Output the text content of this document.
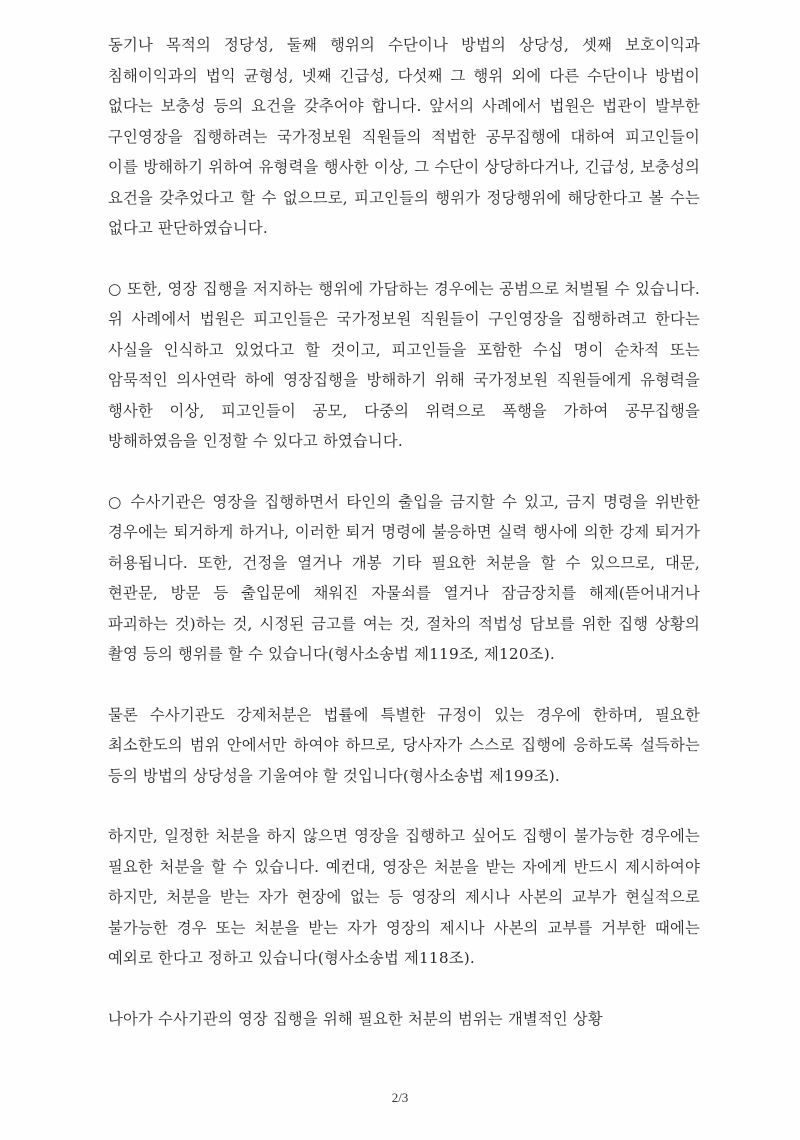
동기나 목적의 정당성, 둘째 행위의 수단이나 방법의 상당성, 셋째 보호이익과 침해이익과의 법익 균형성, 넷째 긴급성, 다섯째 그 행위 외에 다른 수단이나 방법이 없다는 보충성 등의 요건을 갖추어야 합니다. 앞서의 사례에서 법원은 법관이 발부한 구인영장을 집행하려는 국가정보원 직원들의 적법한 공무집행에 대하여 피고인들이 이를 방해하기 위하여 유형력을 행사한 이상, 그 수단이 상당하다거나, 긴급성, 보충성의 요건을 갖추었다고 할 수 없으므로, 피고인들의 행위가 정당행위에 해당한다고 볼 수는 없다고 판단하였습니다.

○ 또한, 영장 집행을 저지하는 행위에 가담하는 경우에는 공범으로 처벌될 수 있습니다. 위 사례에서 법원은 피고인들은 국가정보원 직원들이 구인영장을 집행하려고 한다는 사실을 인식하고 있었다고 할 것이고, 피고인들을 포함한 수십 명이 순차적 또는 암묵적인 의사연락 하에 영장집행을 방해하기 위해 국가정보원 직원들에게 유형력을 행사한 이상, 피고인들이 공모, 다중의 위력으로 폭행을 가하여 공무집행을 방해하였음을 인정할 수 있다고 하였습니다.

○ 수사기관은 영장을 집행하면서 타인의 출입을 금지할 수 있고, 금지 명령을 위반한 경우에는 퇴거하게 하거나, 이러한 퇴거 명령에 불응하면 실력 행사에 의한 강제 퇴거가 허용됩니다. 또한, 건정을 열거나 개봉 기타 필요한 처분을 할 수 있으므로, 대문, 현관문, 방문 등 출입문에 채워진 자물쇠를 열거나 잠금장치를 해제(뜯어내거나 파괴하는 것)하는 것, 시정된 금고를 여는 것, 절차의 적법성 담보를 위한 집행 상황의 촬영 등의 행위를 할 수 있습니다(형사소송법 제119조, 제120조).

물론 수사기관도 강제처분은 법률에 특별한 규정이 있는 경우에 한하며, 필요한 최소한도의 범위 안에서만 하여야 하므로, 당사자가 스스로 집행에 응하도록 설득하는 등의 방법의 상당성을 기울여야 할 것입니다(형사소송법 제199조).

하지만, 일정한 처분을 하지 않으면 영장을 집행하고 싶어도 집행이 불가능한 경우에는 필요한 처분을 할 수 있습니다. 예컨대, 영장은 처분을 받는 자에게 반드시 제시하여야 하지만, 처분을 받는 자가 현장에 없는 등 영장의 제시나 사본의 교부가 현실적으로 불가능한 경우 또는 처분을 받는 자가 영장의 제시나 사본의 교부를 거부한 때에는 예외로 한다고 정하고 있습니다(형사소송법 제118조).

나아가 수사기관의 영장 집행을 위해 필요한 처분의 범위는 개별적인 상황

2/3
